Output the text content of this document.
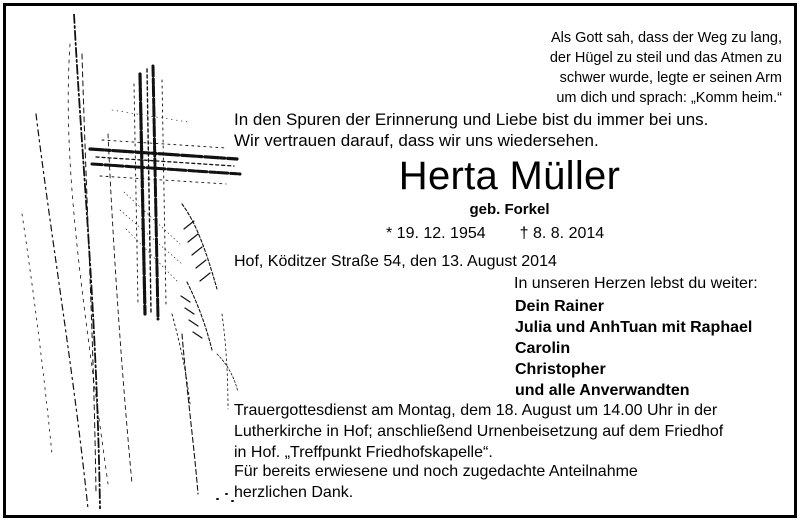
Als Gott sah, dass der Weg zu lang,
der Hügel zu steil und das Atmen zu
schwer wurde, legte er seinen Arm
um dich und sprach: „Komm heim.“
In den Spuren der Erinnerung und Liebe bist du immer bei uns.
Wir vertrauen darauf, dass wir uns wiedersehen.
Herta Müller
geb. Forkel
* 19. 12. 1954 † 8. 8. 2014
Hof, Köditzer Straße 54, den 13. August 2014
In unseren Herzen lebst du weiter:
Dein Rainer
Julia und AnhTuan mit Raphael
Carolin
Christopher
und alle Anverwandten
Trauergottesdienst am Montag, dem 18. August um 14.00 Uhr in der
Lutherkirche in Hof; anschließend Urnenbeisetzung auf dem Friedhof
in Hof. „Treffpunkt Friedhofskapelle“.
Für bereits erwiesene und noch zugedachte Anteilnahme
herzlichen Dank.
